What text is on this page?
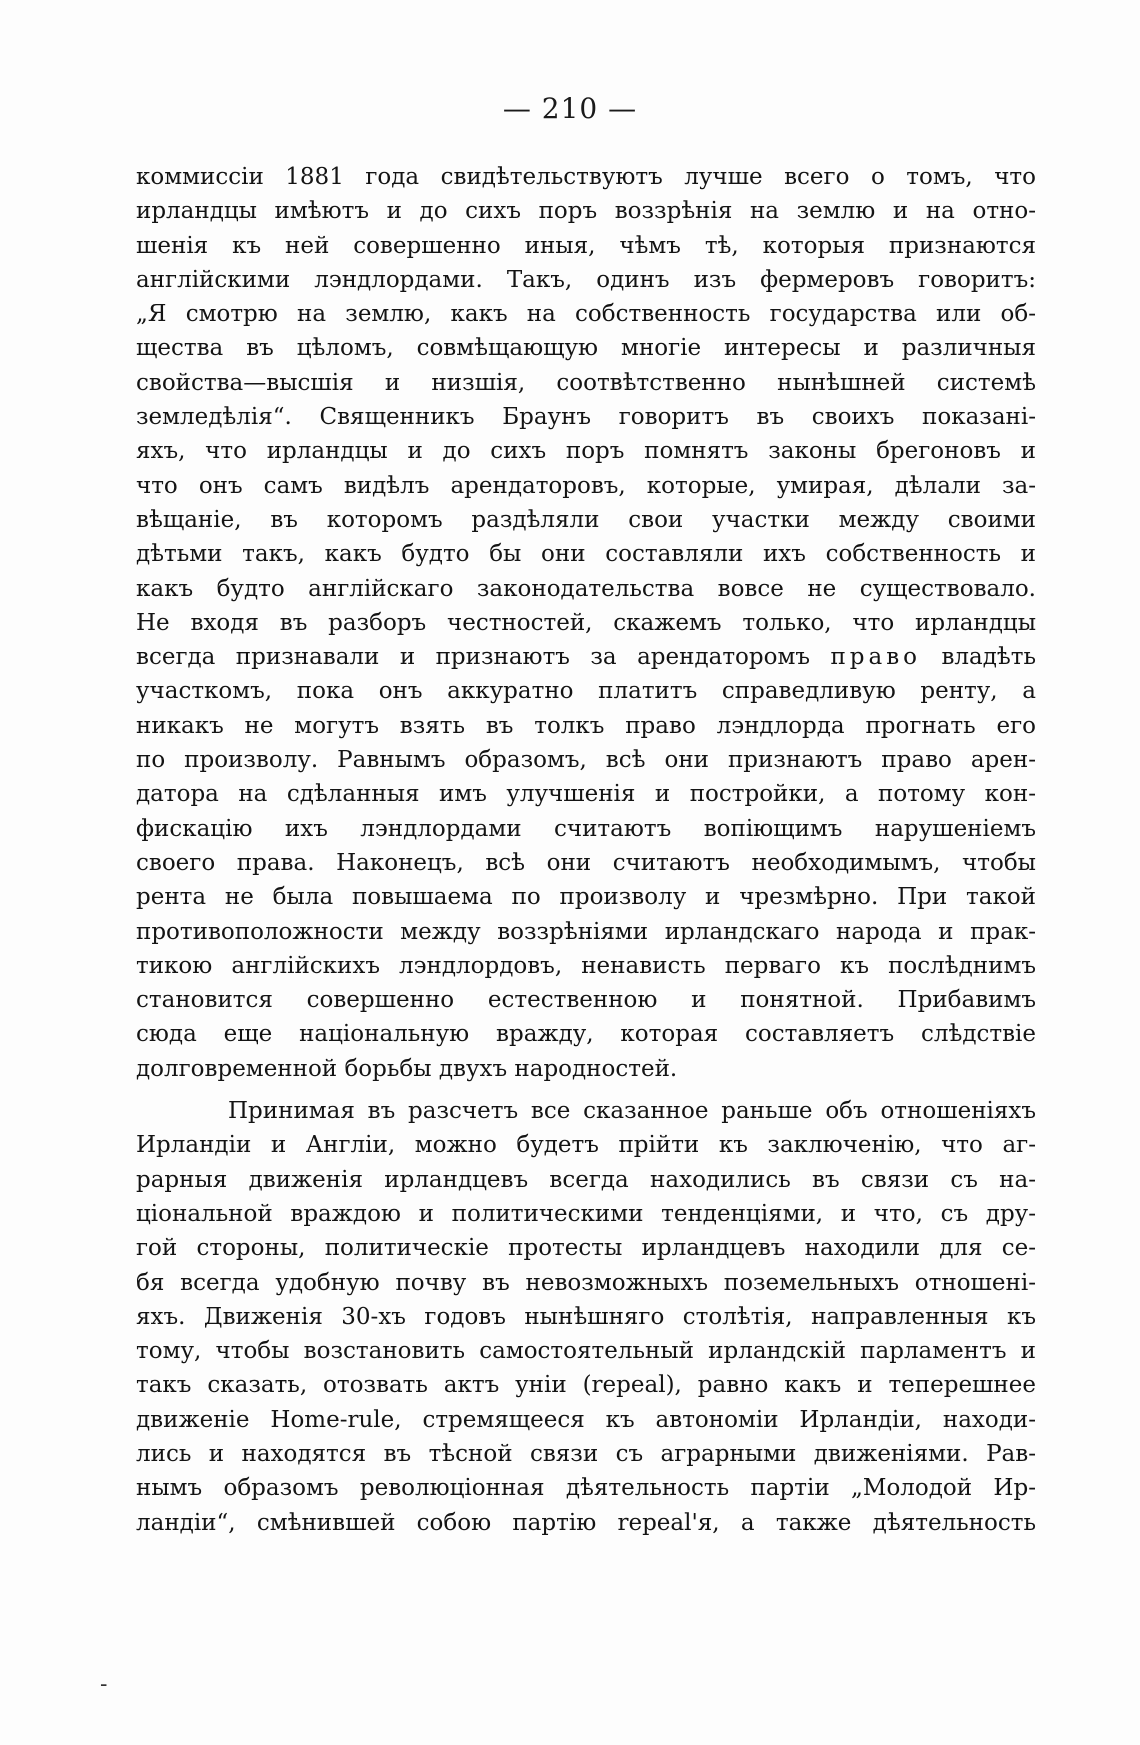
— 210 —
коммиссіи 1881 года свидѣтельствуютъ лучше всего о томъ, что
ирландцы имѣютъ и до сихъ поръ воззрѣнія на землю и на отно-
шенія къ ней совершенно иныя, чѣмъ тѣ, которыя признаются
англійскими лэндлордами. Такъ, одинъ изъ фермеровъ говоритъ:
„Я смотрю на землю, какъ на собственность государства или об-
щества въ цѣломъ, совмѣщающую многіе интересы и различныя
свойства—высшія и низшія, соотвѣтственно нынѣшней системѣ
земледѣлія“. Священникъ Браунъ говоритъ въ своихъ показані-
яхъ, что ирландцы и до сихъ поръ помнятъ законы брегоновъ и
что онъ самъ видѣлъ арендаторовъ, которые, умирая, дѣлали за-
вѣщаніе, въ которомъ раздѣляли свои участки между своими
дѣтьми такъ, какъ будто бы они составляли ихъ собственность и
какъ будто англійскаго законодательства вовсе не существовало.
Не входя въ разборъ честностей, скажемъ только, что ирландцы
всегда признавали и признаютъ за арендаторомъ право владѣть
участкомъ, пока онъ аккуратно платитъ справедливую ренту, а
никакъ не могутъ взять въ толкъ право лэндлорда прогнать его
по произволу. Равнымъ образомъ, всѣ они признаютъ право арен-
датора на сдѣланныя имъ улучшенія и постройки, а потому кон-
фискацію ихъ лэндлордами считаютъ вопіющимъ нарушеніемъ
своего права. Наконецъ, всѣ они считаютъ необходимымъ, чтобы
рента не была повышаема по произволу и чрезмѣрно. При такой
противоположности между воззрѣніями ирландскаго народа и прак-
тикою англійскихъ лэндлордовъ, ненависть перваго къ послѣднимъ
становится совершенно естественною и понятной. Прибавимъ
сюда еще національную вражду, которая составляетъ слѣдствіе
долговременной борьбы двухъ народностей.
Принимая въ разсчетъ все сказанное раньше объ отношеніяхъ
Ирландіи и Англіи, можно будетъ прійти къ заключенію, что аг-
рарныя движенія ирландцевъ всегда находились въ связи съ на-
ціональной враждою и политическими тенденціями, и что, съ дру-
гой стороны, политическіе протесты ирландцевъ находили для се-
бя всегда удобную почву въ невозможныхъ поземельныхъ отношені-
яхъ. Движенія 30-хъ годовъ нынѣшняго столѣтія, направленныя къ
тому, чтобы возстановить самостоятельный ирландскій парламентъ и
такъ сказать, отозвать актъ уніи (repeal), равно какъ и теперешнее
движеніе Home-rule, стремящееся къ автономіи Ирландіи, находи-
лись и находятся въ тѣсной связи съ аграрными движеніями. Рав-
нымъ образомъ революціонная дѣятельность партіи „Молодой Ир-
ландіи“, смѣнившей собою партію repeal'я, а также дѣятельность
-
